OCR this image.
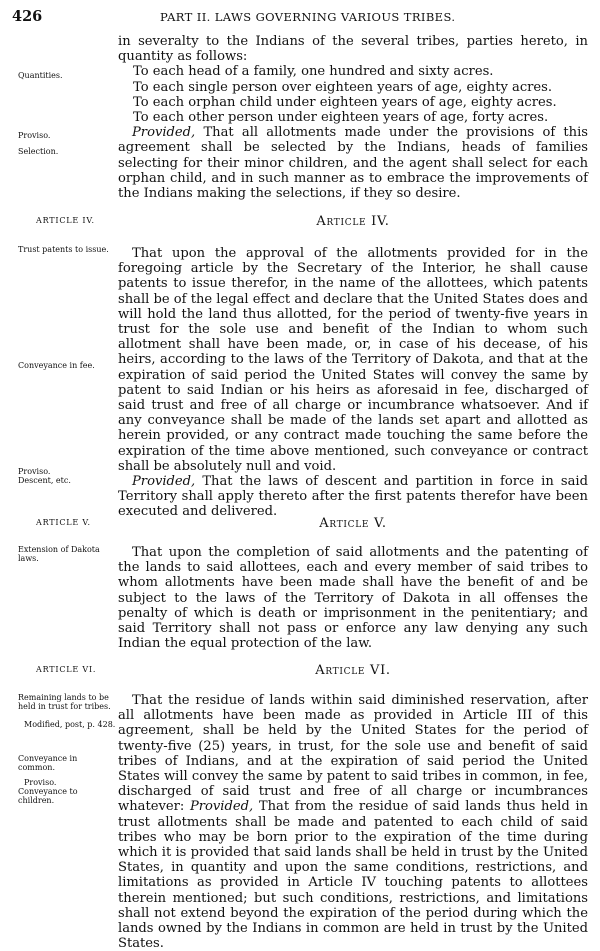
426	PART II. LAWS GOVERNING VARIOUS TRIBES.

in severalty to the Indians of the several tribes, parties hereto, in quantity as follows:

To each head of a family, one hundred and sixty acres.

To each single person over eighteen years of age, eighty acres.

To each orphan child under eighteen years of age, eighty acres.

To each other person under eighteen years of age, forty acres.

Provided, That all allotments made under the provisions of this agreement shall be selected by the Indians, heads of families selecting for their minor children, and the agent shall select for each orphan child, and in such manner as to embrace the improvements of the Indians making the selections, if they so desire.

Quantities.
Proviso.
Selection.
ARTICLE IV.	Article IV.
Trust patents to issue.	That upon the approval of the allotments provided for in the foregoing article by the Secretary of the Interior, he shall cause patents to issue therefor, in the name of the allottees, which patents shall be of the legal effect and declare that the United States does and will hold the land thus allotted, for the period of twenty-five years in trust for the sole use and benefit of the Indian to whom such allotment shall have been made, or, in case of his decease, of his heirs, according to the laws of the Territory of Dakota, and that at the expiration of said period the United States will convey the same by patent to said Indian or his heirs as aforesaid in fee, discharged of said trust and free of all charge or incumbrance whatsoever. And if any conveyance shall be made of the lands set apart and allotted as herein provided, or any contract made touching the same before the expiration of the time above mentioned, such conveyance or contract shall be absolutely null and void.

Provided, That the laws of descent and partition in force in said Territory shall apply thereto after the first patents therefor have been executed and delivered.

Conveyance in fee.
Proviso.
Descent, etc.
ARTICLE V.	Article V.
Extension of Dakota laws.	That upon the completion of said allotments and the patenting of the lands to said allottees, each and every member of said tribes to whom allotments have been made shall have the benefit of and be subject to the laws of the Territory of Dakota in all offenses the penalty of which is death or imprisonment in the penitentiary; and said Territory shall not pass or enforce any law denying any such Indian the equal protection of the law.

ARTICLE VI.	Article VI.
Remaining lands to be held in trust for tribes.
Modified, post, p. 428.
Conveyance in common.
Proviso.
Conveyance to children.

That the residue of lands within said diminished reservation, after all allotments have been made as provided in Article III of this agreement, shall be held by the United States for the period of twenty-five (25) years, in trust, for the sole use and benefit of said tribes of Indians, and at the expiration of said period the United States will convey the same by patent to said tribes in common, in fee, discharged of said trust and free of all charge or incumbrances whatever: Provided, That from the residue of said lands thus held in trust allotments shall be made and patented to each child of said tribes who may be born prior to the expiration of the time during which it is provided that said lands shall be held in trust by the United States, in quantity and upon the same conditions, restrictions, and limitations as provided in Article IV touching patents to allottees therein mentioned; but such conditions, restrictions, and limitations shall not extend beyond the expiration of the period during which the lands owned by the Indians in common are held in trust by the United States.
